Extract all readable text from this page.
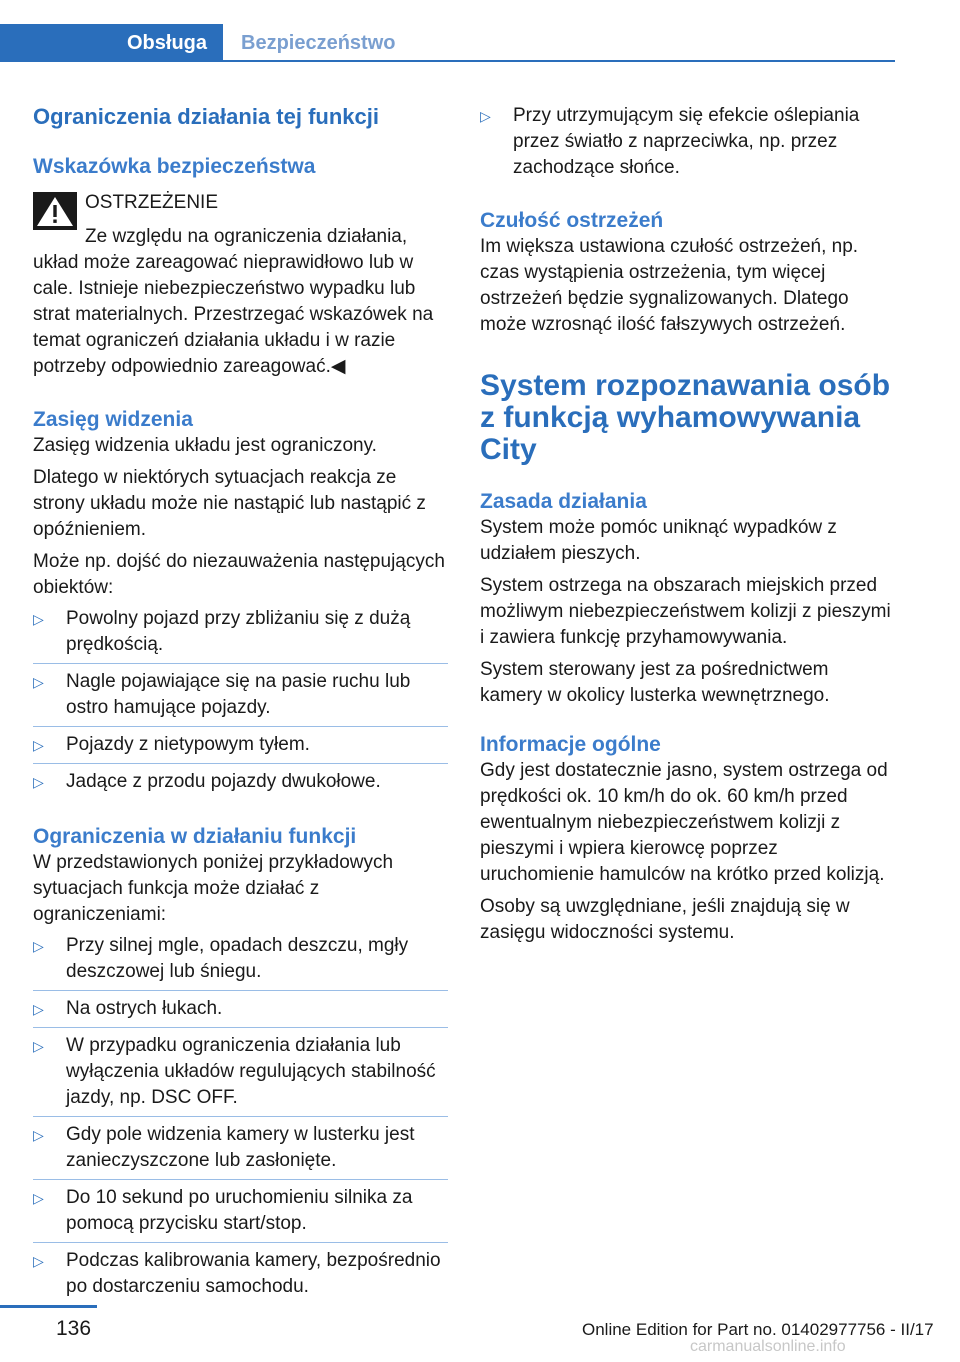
Obsługa	Bezpieczeństwo
Ograniczenia działania tej funkcji
Wskazówka bezpieczeństwa
OSTRZEŻENIE
Ze względu na ograniczenia działania,

układ może zareagować nieprawidłowo lub w cale. Istnieje niebezpieczeństwo wypadku lub strat materialnych. Przestrzegać wskazówek na temat ograniczeń działania układu i w razie potrzeby odpowiednio zareagować.◀

Zasięg widzenia

Zasięg widzenia układu jest ograniczony.

Dlatego w niektórych sytuacjach reakcja ze strony układu może nie nastąpić lub nastąpić z opóźnieniem.

Może np. dojść do niezauważenia następujących obiektów:

▷ Powolny pojazd przy zbliżaniu się z dużą prędkością.
▷ Nagle pojawiające się na pasie ruchu lub ostro hamujące pojazdy.
▷ Pojazdy z nietypowym tyłem.
▷ Jadące z przodu pojazdy dwukołowe.
Ograniczenia w działaniu funkcji

W przedstawionych poniżej przykładowych sytuacjach funkcja może działać z ograniczeniami:

▷ Przy silnej mgle, opadach deszczu, mgły deszczowej lub śniegu.
▷ Na ostrych łukach.
▷ W przypadku ograniczenia działania lub wyłączenia układów regulujących stabilność jazdy, np. DSC OFF.
▷ Gdy pole widzenia kamery w lusterku jest zanieczyszczone lub zasłonięte.
▷ Do 10 sekund po uruchomieniu silnika za pomocą przycisku start/stop.
▷ Podczas kalibrowania kamery, bezpośrednio po dostarczeniu samochodu.
▷ Przy utrzymującym się efekcie oślepiania przez światło z naprzeciwka, np. przez zachodzące słońce.
Czułość ostrzeżeń

Im większa ustawiona czułość ostrzeżeń, np. czas wystąpienia ostrzeżenia, tym więcej ostrzeżeń będzie sygnalizowanych. Dlatego może wzrosnąć ilość fałszywych ostrzeżeń.

System rozpoznawania osób z funkcją wyhamowywania City
Zasada działania

System może pomóc uniknąć wypadków z udziałem pieszych.

System ostrzega na obszarach miejskich przed możliwym niebezpieczeństwem kolizji z pieszymi i zawiera funkcję przyhamowywania.

System sterowany jest za pośrednictwem kamery w okolicy lusterka wewnętrznego.

Informacje ogólne

Gdy jest dostatecznie jasno, system ostrzega od prędkości ok. 10 km/h do ok. 60 km/h przed ewentualnym niebezpieczeństwem kolizji z pieszymi i wpiera kierowcę poprzez uruchomienie hamulców na krótko przed kolizją.

Osoby są uwzględniane, jeśli znajdują się w zasięgu widoczności systemu.

136	Online Edition for Part no. 01402977756 - II/17
carmanualsonline.info
